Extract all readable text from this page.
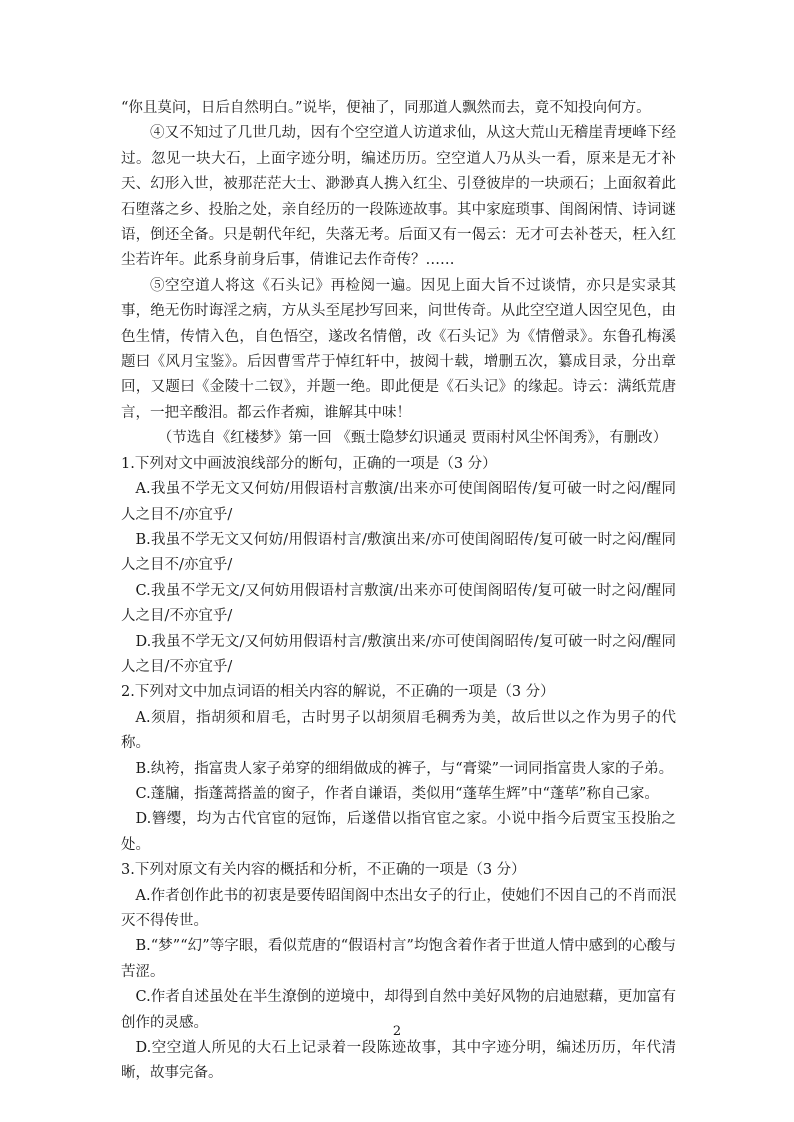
“你且莫问，日后自然明白。”说毕，便袖了，同那道人飘然而去，竟不知投向何方。

④又不知过了几世几劫，因有个空空道人访道求仙，从这大荒山无稽崖青埂峰下经过。忽见一块大石，上面字迹分明，编述历历。空空道人乃从头一看，原来是无才补天、幻形入世，被那茫茫大士、渺渺真人携入红尘、引登彼岸的一块顽石；上面叙着此石堕落之乡、投胎之处，亲自经历的一段陈迹故事。其中家庭琐事、闺阁闲情、诗词谜语，倒还全备。只是朝代年纪，失落无考。后面又有一偈云：无才可去补苍天，枉入红尘若许年。此系身前身后事，倩谁记去作奇传？……

⑤空空道人将这《石头记》再检阅一遍。因见上面大旨不过谈情，亦只是实录其事，绝无伤时诲淫之病，方从头至尾抄写回来，问世传奇。从此空空道人因空见色，由色生情，传情入色，自色悟空，遂改名情僧，改《石头记》为《情僧录》。东鲁孔梅溪题曰《风月宝鉴》。后因曹雪芹于悼红轩中，披阅十载，增删五次，纂成目录，分出章回，又题曰《金陵十二钗》，并题一绝。即此便是《石头记》的缘起。诗云：满纸荒唐言，一把辛酸泪。都云作者痴，谁解其中味！

（节选自《红楼梦》第一回 《甄士隐梦幻识通灵 贾雨村风尘怀闺秀》，有删改）

1.下列对文中画波浪线部分的断句，正确的一项是（3 分）

A.我虽不学无文又何妨/用假语村言敷演/出来亦可使闺阁昭传/复可破一时之闷/醒同人之目不/亦宜乎/

B.我虽不学无文又何妨/用假语村言/敷演出来/亦可使闺阁昭传/复可破一时之闷/醒同人之目不/亦宜乎/

C.我虽不学无文/又何妨用假语村言敷演/出来亦可使闺阁昭传/复可破一时之闷/醒同人之目/不亦宜乎/

D.我虽不学无文/又何妨用假语村言/敷演出来/亦可使闺阁昭传/复可破一时之闷/醒同人之目/不亦宜乎/

2.下列对文中加点词语的相关内容的解说，不正确的一项是（3 分）

A.须眉，指胡须和眉毛，古时男子以胡须眉毛稠秀为美，故后世以之作为男子的代称。

B.纨袴，指富贵人家子弟穿的细绢做成的裤子，与“膏粱”一词同指富贵人家的子弟。

C.蓬牖，指蓬蒿搭盖的窗子，作者自谦语，类似用“蓬荜生辉”中“蓬荜”称自己家。

D.簪缨，均为古代官宦的冠饰，后遂借以指官宦之家。小说中指今后贾宝玉投胎之处。

3.下列对原文有关内容的概括和分析，不正确的一项是（3 分）

A.作者创作此书的初衷是要传昭闺阁中杰出女子的行止，使她们不因自己的不肖而泯灭不得传世。

B.“梦”“幻”等字眼，看似荒唐的“假语村言”均饱含着作者于世道人情中感到的心酸与苦涩。

C.作者自述虽处在半生潦倒的逆境中，却得到自然中美好风物的启迪慰藉，更加富有创作的灵感。

D.空空道人所见的大石上记录着一段陈迹故事，其中字迹分明，编述历历，年代清晰，故事完备。

2
